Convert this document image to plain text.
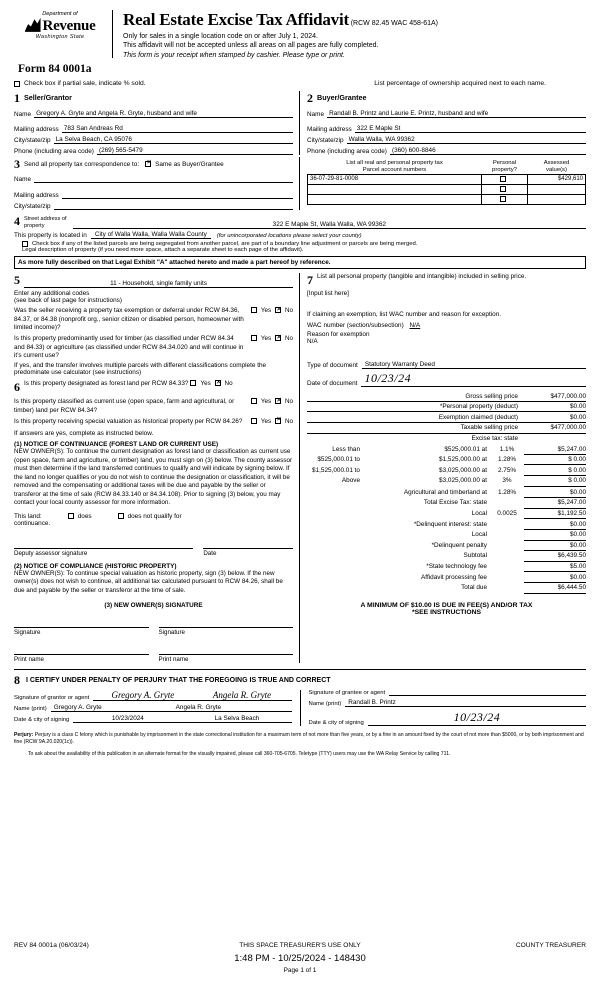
Department of
Revenue
Washington State
Real Estate Excise Tax Affidavit (RCW 82.45 WAC 458-61A)
Only for sales in a single location code on or after July 1, 2024.
This affidavit will not be accepted unless all areas on all pages are fully completed.
This form is your receipt when stamped by cashier. Please type or print.
Form 84 0001a
Check box if partial sale, indicate % sold.	List percentage of ownership acquired next to each name.
1 Seller/Grantor
Name Gregory A. Gryte and Angela R. Gryte, husband and wife
Mailing address 783 San Andreas Rd
City/state/zip La Selva Beach, CA 95076
Phone (including area code) (269) 565-5479
2 Buyer/Grantee
Name Randall B. Printz and Laurie E. Printz, husband and wife
Mailing address 322 E Maple St
City/state/zip Walla Walla, WA 99362
Phone (including area code) (360) 600-8846
3 Send all property tax correspondence to: ✕	Same as Buyer/Grantee
Name
Mailing address
City/state/zip
List all real and personal property tax
Parcel account numbers

Personal
property?

Assessed
value(s)

36-07-29-81-0008		$429,610

4 Street address of
property	322 E Maple St, Walla Walla, WA 99362
This property is located in	City of Walla Walla, Walla Walla County	(for unincorporated locations please select your county)
Check box if any of the listed parcels are being segregated from another parcel, are part of a boundary line adjustment or parcels are being merged.
Legal description of property (if you need more space, attach a separate sheet to each page of the affidavit).
As more fully described on that Legal Exhibit "A" attached hereto and made a part hereof by reference.
5	11 - Household, single family units
Enter any additional codes
(see back of last page for instructions)
Was the seller receiving a property tax exemption or deferral under RCW 84.36, 84.37, or 84.38 (nonprofit org., senior citizen or disabled person, homeowner with limited income)?
Yes ✕ No
Is this property predominantly used for timber (as classified under RCW 84.34 and 84.33) or agriculture (as classified under RCW 84.34.020 and will continue in it's current use?
Yes ✕ No
If yes, and the transfer involves multiple parcels with different classifications complete the predominate use calculator (see instructions)
6 Is this property designated as forest land per RCW 84.33?	Yes ✕ No
Is this property classified as current use (open space, farm and agricultural, or timber) land per RCW 84.34?
Yes ✕ No
Is this property receiving special valuation as historical property per RCW 84.26?	Yes ✕ No
If answers are yes, complete as instructed below.
(1) NOTICE OF CONTINUANCE (FOREST LAND OR CURRENT USE)
NEW OWNER(S): To continue the current designation as forest land or classification as current use (open space, farm and agriculture, or timber) land, you must sign on (3) below. The county assessor must then determine if the land transferred continues to qualify and will indicate by signing below. If the land no longer qualifies or you do not wish to continue the designation or classification, it will be removed and the compensating or additional taxes will be due and payable by the seller or transferor at the time of sale (RCW 84.33.140 or 84.34.108). Prior to signing (3) below, you may contact your local county assessor for more information.
This land:	does	does not qualify for
continuance.
Deputy assessor signature	Date
(2) NOTICE OF COMPLIANCE (HISTORIC PROPERTY)
NEW OWNER(S): To continue special valuation as historic property, sign (3) below. If the new owner(s) does not wish to continue, all additional tax calculated pursuant to RCW 84.26, shall be due and payable by the seller or transferor at the time of sale.
(3) NEW OWNER(S) SIGNATURE
Signature	Signature
Print name	Print name
7 List all personal property (tangible and intangible) included in selling price.
[Input list here]
If claiming an exemption, list WAC number and reason for exception.
WAC number (section/subsection) N/A
Reason for exemption
N/A
Type of document	Statutory Warranty Deed
Date of document 10/23/24
Gross selling price	$477,000.00
*Personal property (deduct)	$0.00
Exemption claimed (deduct)	$0.00
Taxable selling price	$477,000.00
Excise tax: state	
Less than	$525,000.01 at	1.1%	$5,247.00
$525,000.01 to	$1,525,000.00 at	1.28%	$ 0.00
$1,525,000.01 to	$3,025,000.00 at	2.75%	$ 0.00
Above	$3,025,000.00 at	3%	$ 0.00
Agricultural and timberland at	1.28%	$0.00
Total Excise Tax: state		$5,247.00
Local	0.0025	$1,192.50
*Delinquent interest: state		$0.00
Local		$0.00
*Delinquent penalty		$0.00
Subtotal		$6,439.50
*State technology fee		$5.00
Affidavit processing fee		$0.00
Total due		$6,444.50
A MINIMUM OF $10.00 IS DUE IN FEE(S) AND/OR TAX
*SEE INSTRUCTIONS
8 I CERTIFY UNDER PENALTY OF PERJURY THAT THE FOREGOING IS TRUE AND CORRECT
Signature of grantor or agent	Gregory A. Gryte	Angela R. Gryte
Name (print)	Gregory A. Gryte	Angela R. Gryte
Date & city of signing	10/23/2024	La Selva Beach
Signature of grantee or agent
Name (print)	Randall B. Printz
Date & city of signing	10/23/24
Perjury: Perjury is a class C felony which is punishable by imprisonment in the state correctional institution for a maximum term of not more than five years, or by a fine in an amount fixed by the court of not more than $5000, or by both imprisonment and fine (RCW 9A.20.020(1c)).
To ask about the availability of this publication in an alternate format for the visually impaired, please call 360-705-6705. Teletype (TTY) users may use the WA Relay Service by calling 711.
REV 84 0001a (06/03/24)	THIS SPACE TREASURER'S USE ONLY	COUNTY TREASURER
1:48 PM - 10/25/2024 - 148430
Page 1 of 1
